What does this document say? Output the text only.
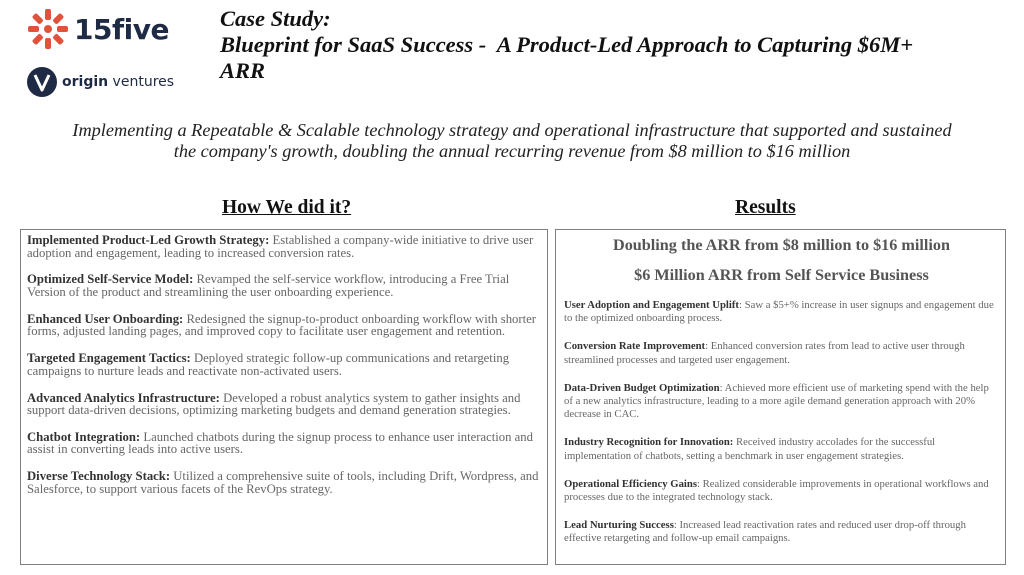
15five
origin ventures
Case Study:
Blueprint for SaaS Success -  A Product-Led Approach to Capturing $6M+
ARR
Implementing a Repeatable & Scalable technology strategy and operational infrastructure that supported and sustained
the company's growth, doubling the annual recurring revenue from $8 million to $16 million
How We did it?	Results
Implemented Product-Led Growth Strategy: Established a company-wide initiative to drive user adoption and engagement, leading to increased conversion rates.
Optimized Self-Service Model: Revamped the self-service workflow, introducing a Free Trial Version of the product and streamlining the user onboarding experience.
Enhanced User Onboarding: Redesigned the signup-to-product onboarding workflow with shorter forms, adjusted landing pages, and improved copy to facilitate user engagement and retention.
Targeted Engagement Tactics: Deployed strategic follow-up communications and retargeting campaigns to nurture leads and reactivate non-activated users.
Advanced Analytics Infrastructure: Developed a robust analytics system to gather insights and support data-driven decisions, optimizing marketing budgets and demand generation strategies.
Chatbot Integration: Launched chatbots during the signup process to enhance user interaction and assist in converting leads into active users.
Diverse Technology Stack: Utilized a comprehensive suite of tools, including Drift, Wordpress, and Salesforce, to support various facets of the RevOps strategy.
Doubling the ARR from $8 million to $16 million
$6 Million ARR from Self Service Business
User Adoption and Engagement Uplift: Saw a $5+% increase in user signups and engagement due to the optimized onboarding process.
Conversion Rate Improvement: Enhanced conversion rates from lead to active user through streamlined processes and targeted user engagement.
Data-Driven Budget Optimization: Achieved more efficient use of marketing spend with the help of a new analytics infrastructure, leading to a more agile demand generation approach with 20% decrease in CAC.
Industry Recognition for Innovation: Received industry accolades for the successful implementation of chatbots, setting a benchmark in user engagement strategies.
Operational Efficiency Gains: Realized considerable improvements in operational workflows and processes due to the integrated technology stack.
Lead Nurturing Success: Increased lead reactivation rates and reduced user drop-off through effective retargeting and follow-up email campaigns.
